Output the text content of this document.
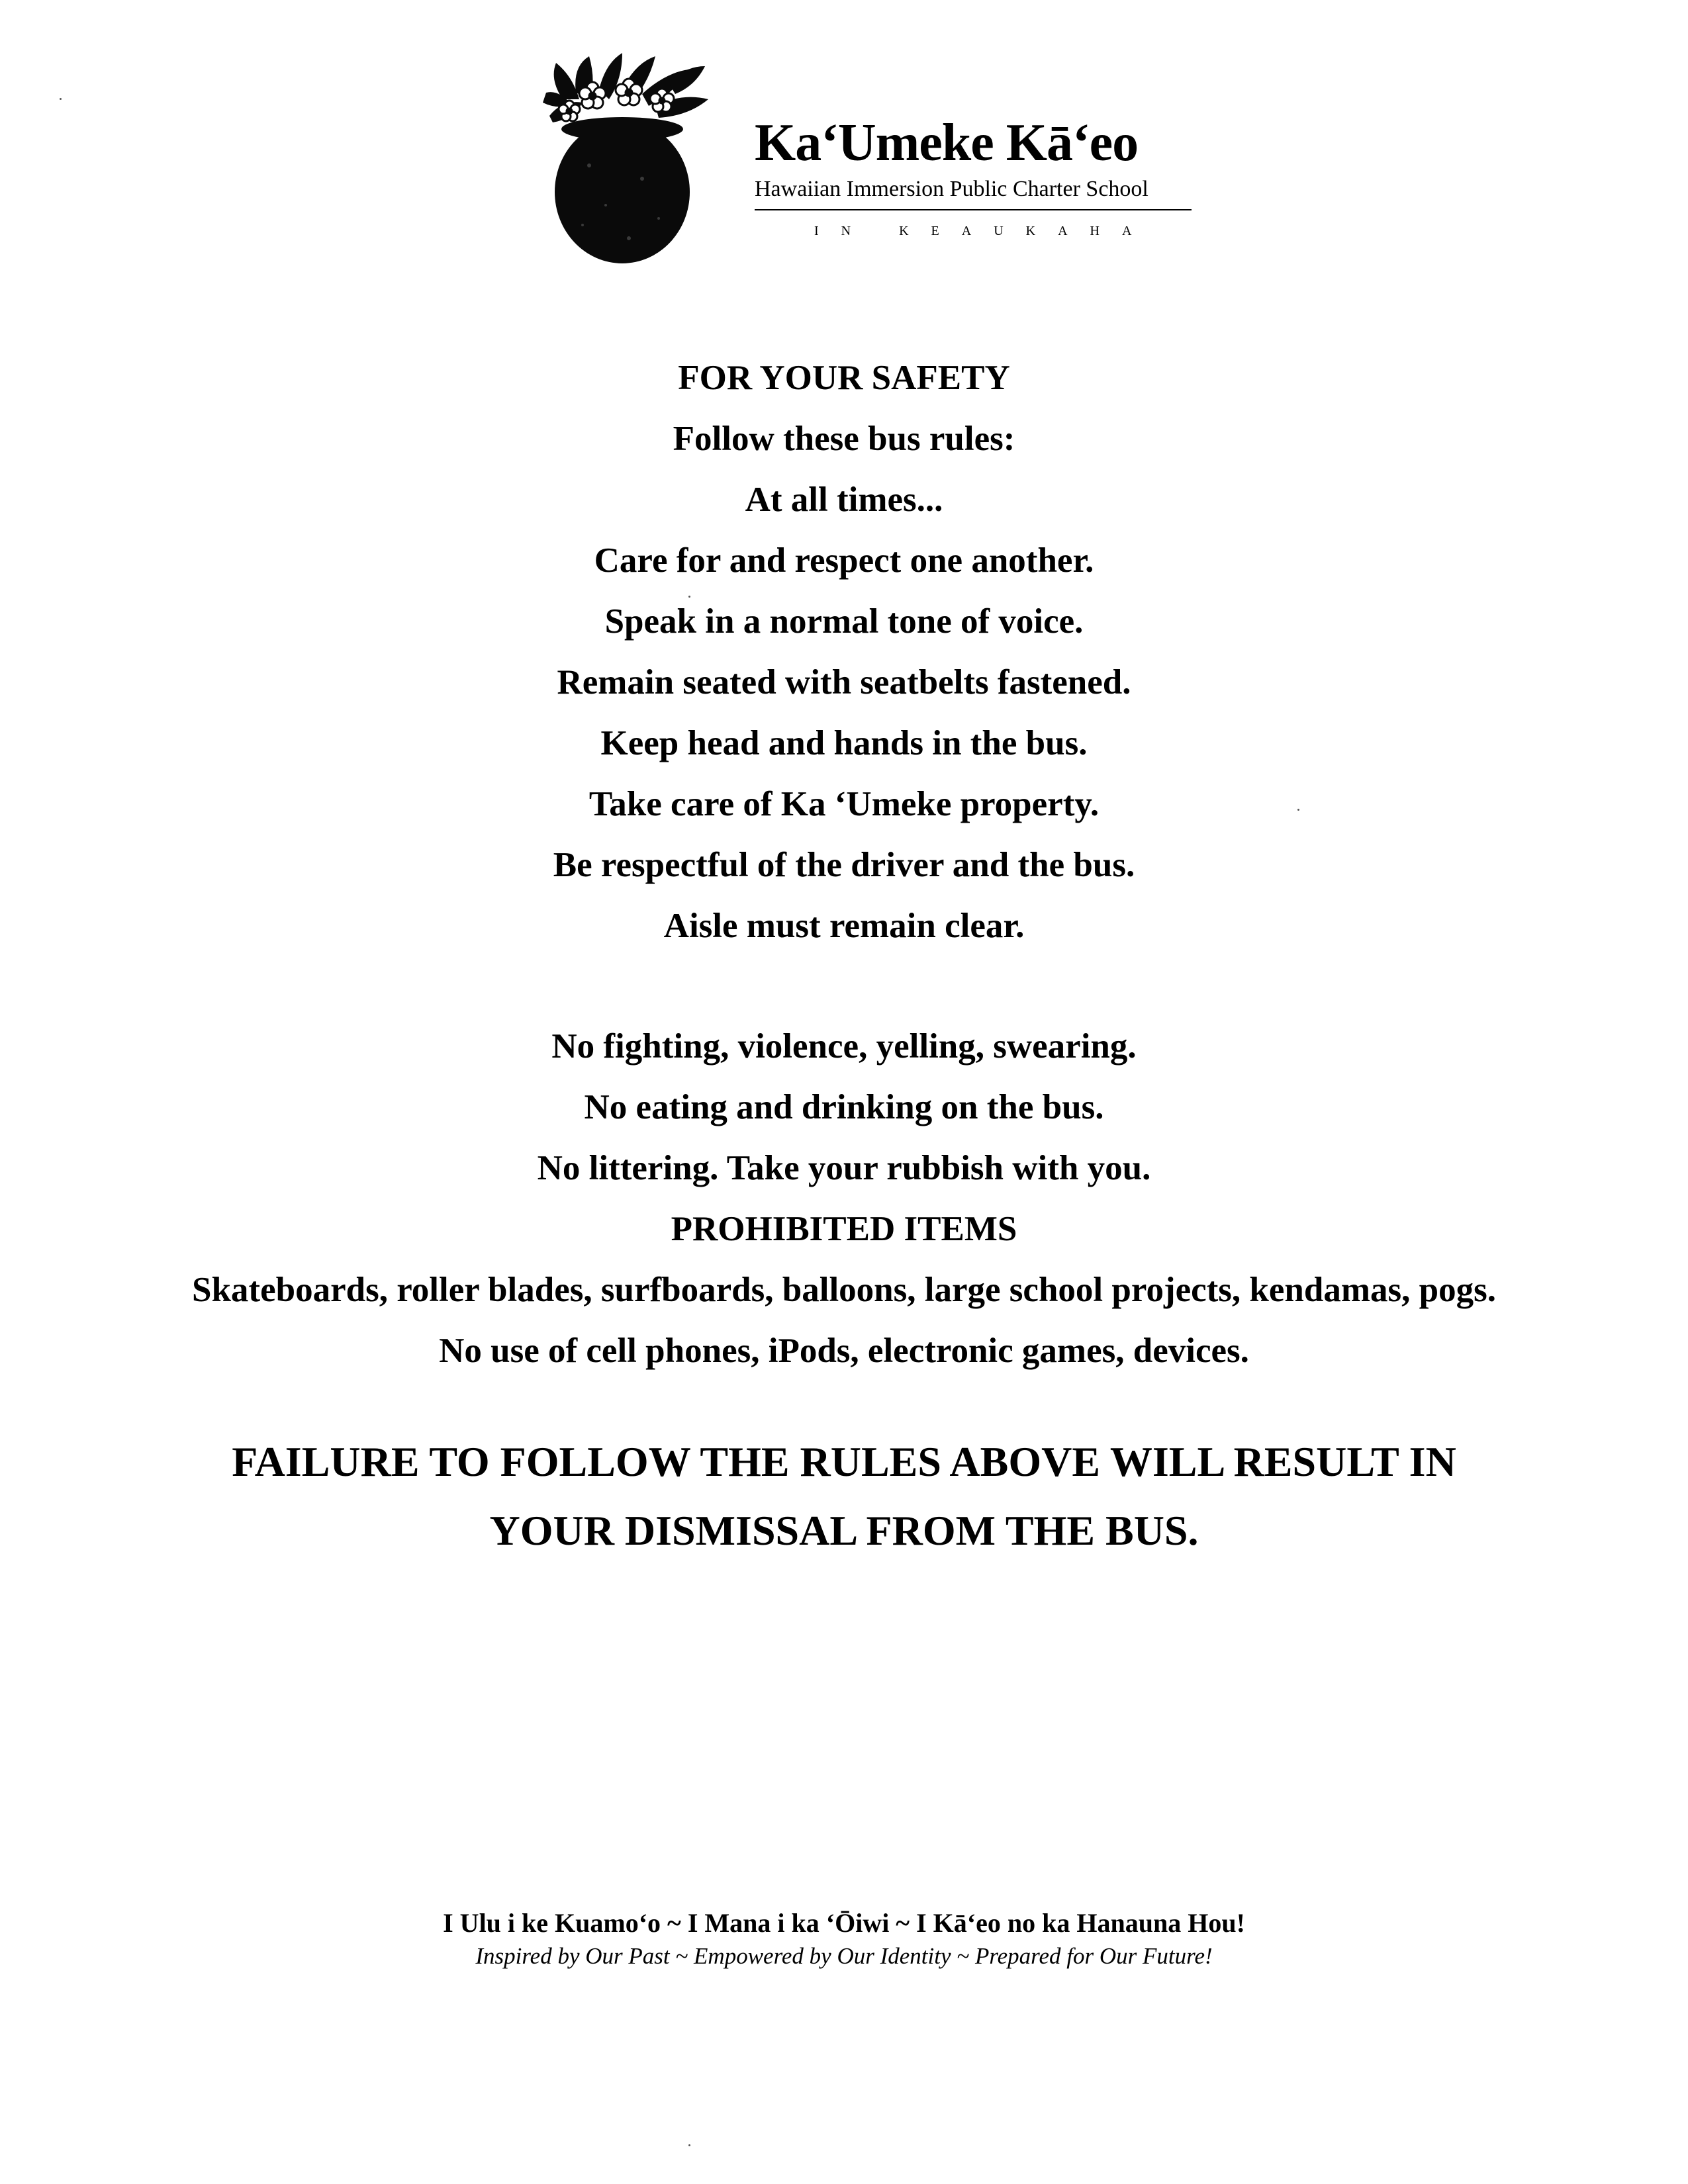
Ka‘Umeke Kā‘eo
Hawaiian Immersion Public Charter School
IN KEAUKAHA
FOR YOUR SAFETY
Follow these bus rules:
At all times...
Care for and respect one another.
Speak in a normal tone of voice.
Remain seated with seatbelts fastened.
Keep head and hands in the bus.
Take care of Ka ‘Umeke property.
Be respectful of the driver and the bus.
Aisle must remain clear.
No fighting, violence, yelling, swearing.
No eating and drinking on the bus.
No littering. Take your rubbish with you.
PROHIBITED ITEMS
Skateboards, roller blades, surfboards, balloons, large school projects, kendamas, pogs.
No use of cell phones, iPods, electronic games, devices.
FAILURE TO FOLLOW THE RULES ABOVE WILL RESULT IN
YOUR DISMISSAL FROM THE BUS.
I Ulu i ke Kuamo‘o ~ I Mana i ka ‘Ōiwi ~ I Kā‘eo no ka Hanauna Hou!
Inspired by Our Past ~ Empowered by Our Identity ~ Prepared for Our Future!
